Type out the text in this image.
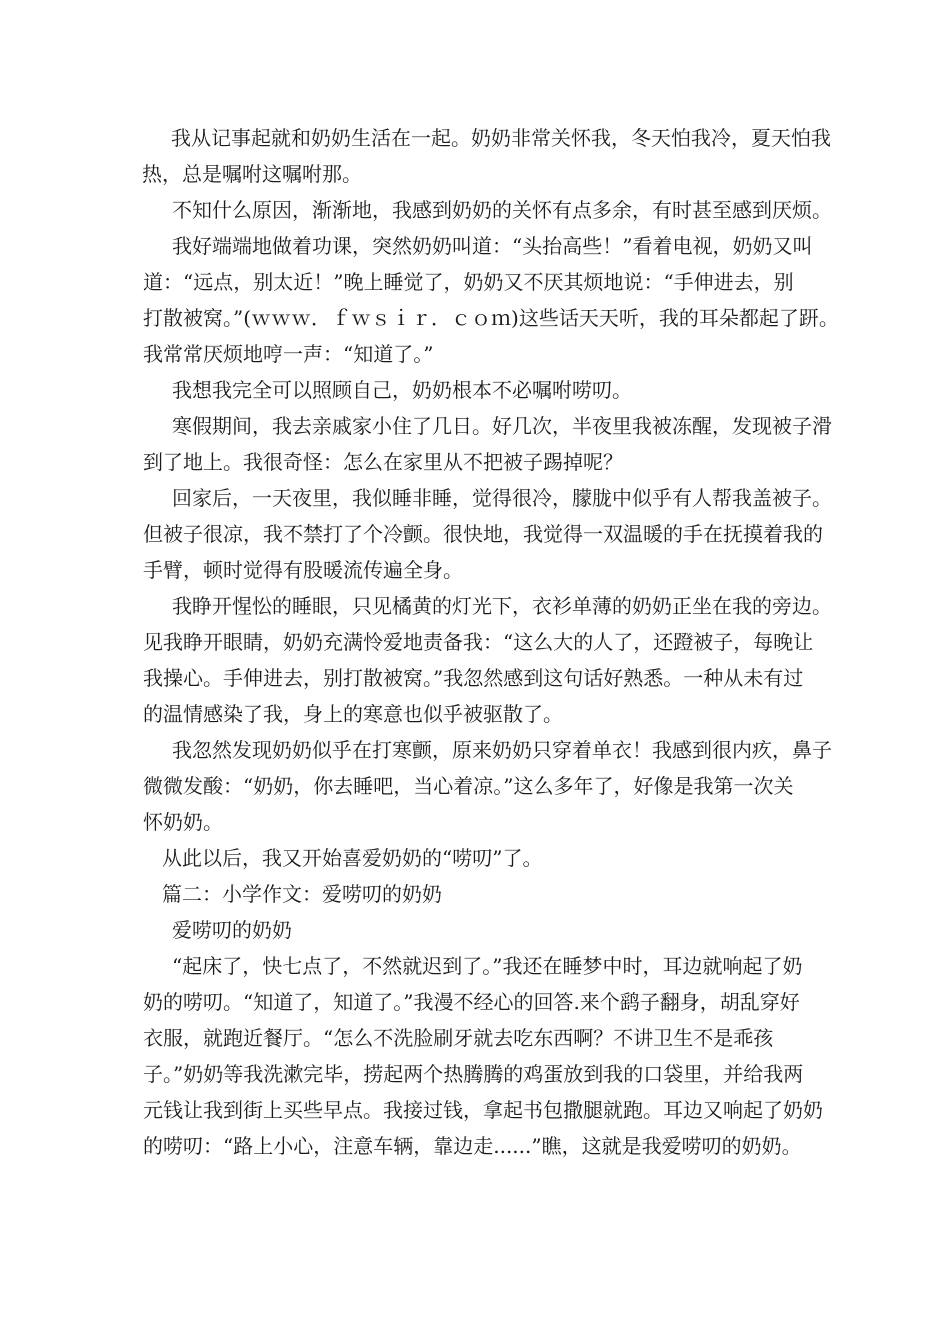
我从记事起就和奶奶生活在一起。奶奶非常关怀我，冬天怕我冷，夏天怕我
热，总是嘱咐这嘱咐那。
不知什么原因，渐渐地，我感到奶奶的关怀有点多余，有时甚至感到厌烦。
我好端端地做着功课，突然奶奶叫道：“头抬高些！”看着电视，奶奶又叫
道：“远点，别太近！”晚上睡觉了，奶奶又不厌其烦地说：“手伸进去，别
打散被窝。”(ｗｗｗ．ｆｗｓｉｒ．ｃｏｍ)这些话天天听，我的耳朵都起了趼。
我常常厌烦地哼一声：“知道了。”
我想我完全可以照顾自己，奶奶根本不必嘱咐唠叨。
寒假期间，我去亲戚家小住了几日。好几次，半夜里我被冻醒，发现被子滑
到了地上。我很奇怪：怎么在家里从不把被子踢掉呢？
回家后，一天夜里，我似睡非睡，觉得很冷，朦胧中似乎有人帮我盖被子。
但被子很凉，我不禁打了个冷颤。很快地，我觉得一双温暖的手在抚摸着我的
手臂，顿时觉得有股暖流传遍全身。
我睁开惺忪的睡眼，只见橘黄的灯光下，衣衫单薄的奶奶正坐在我的旁边。
见我睁开眼睛，奶奶充满怜爱地责备我：“这么大的人了，还蹬被子，每晚让
我操心。手伸进去，别打散被窝。”我忽然感到这句话好熟悉。一种从未有过
的温情感染了我，身上的寒意也似乎被驱散了。
我忽然发现奶奶似乎在打寒颤，原来奶奶只穿着单衣！我感到很内疚，鼻子
微微发酸：“奶奶，你去睡吧，当心着凉。”这么多年了，好像是我第一次关
怀奶奶。
从此以后，我又开始喜爱奶奶的“唠叨”了。
篇二：小学作文：爱唠叨的奶奶
爱唠叨的奶奶
“起床了，快七点了，不然就迟到了。”我还在睡梦中时，耳边就响起了奶
奶的唠叨。“知道了，知道了。”我漫不经心的回答.来个鹞子翻身，胡乱穿好
衣服，就跑近餐厅。“怎么不洗脸刷牙就去吃东西啊？不讲卫生不是乖孩
子。”奶奶等我洗漱完毕，捞起两个热腾腾的鸡蛋放到我的口袋里，并给我两
元钱让我到街上买些早点。我接过钱，拿起书包撒腿就跑。耳边又响起了奶奶
的唠叨：“路上小心，注意车辆，靠边走......”瞧，这就是我爱唠叨的奶奶。
